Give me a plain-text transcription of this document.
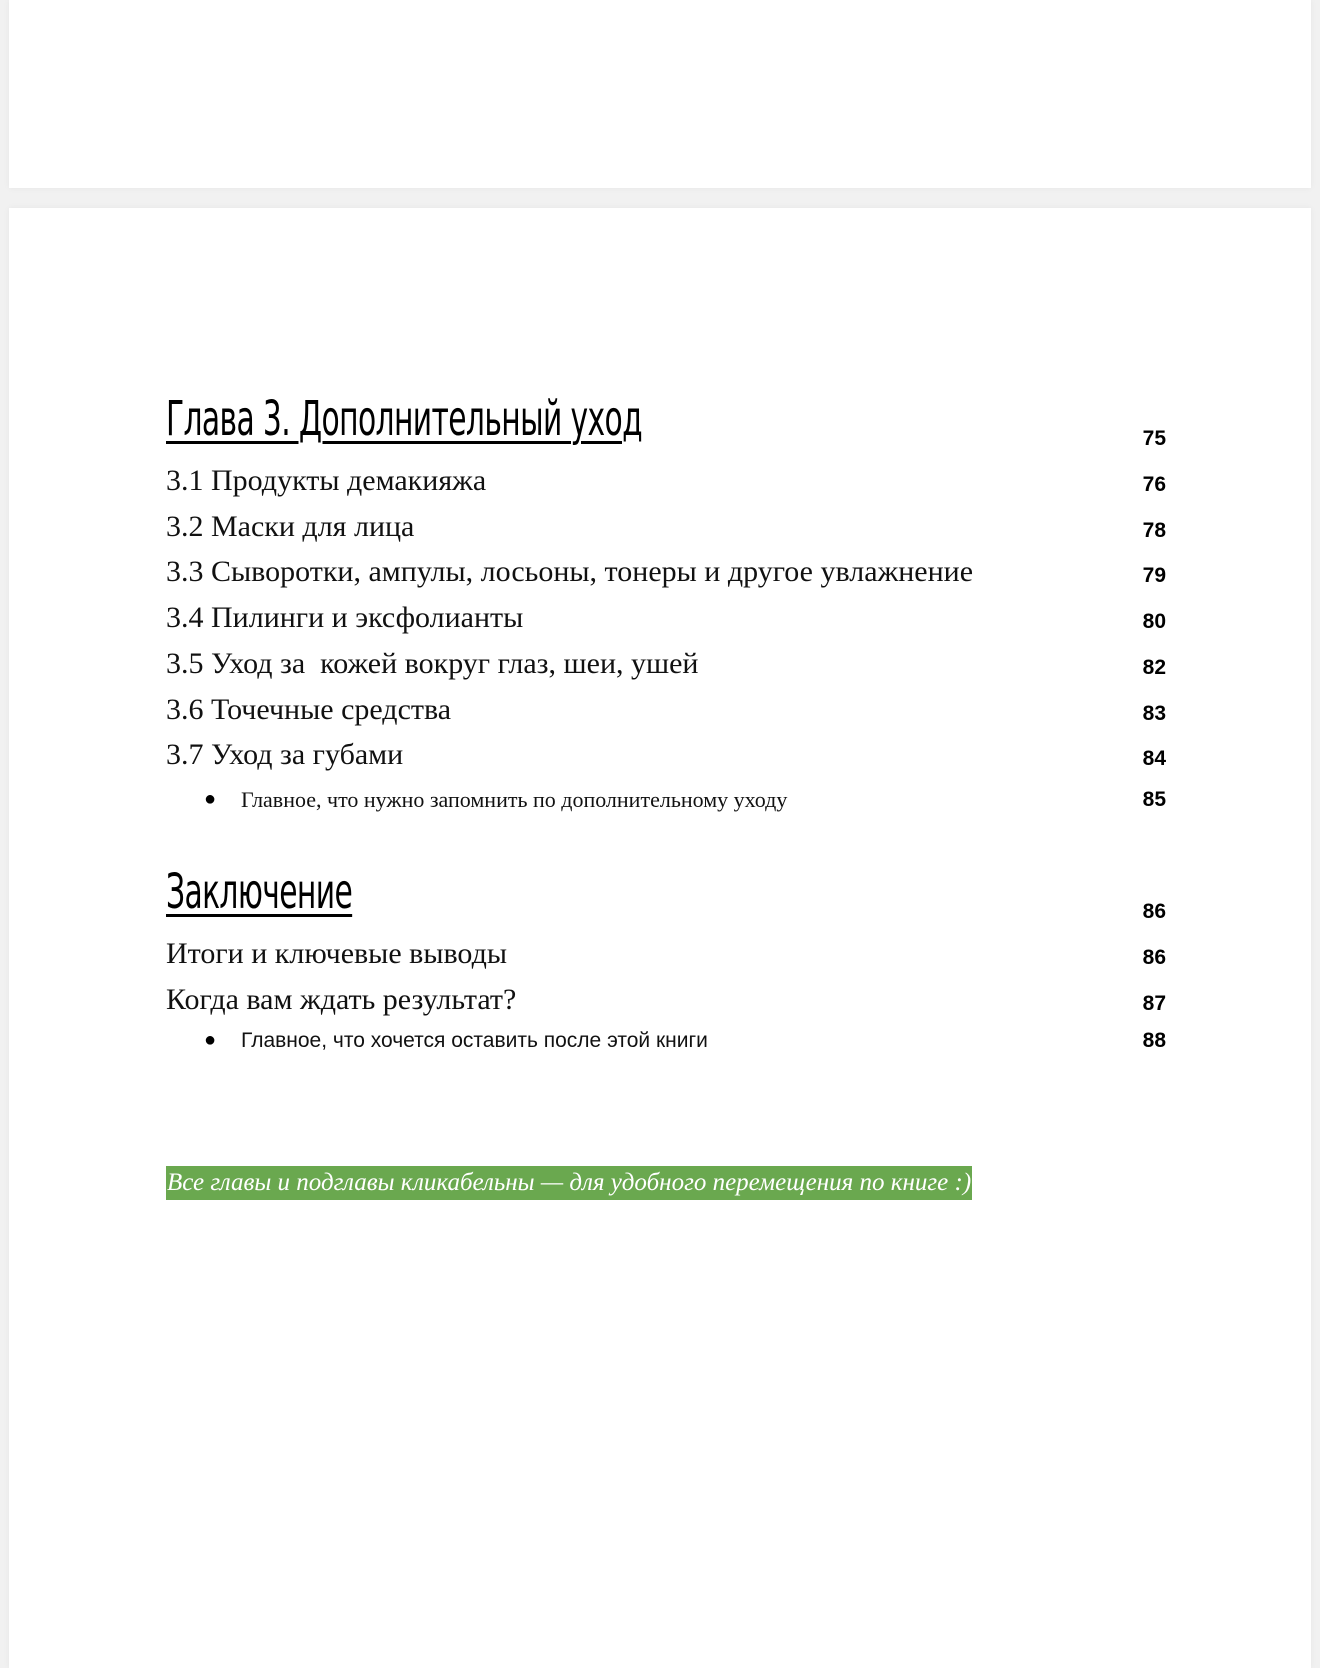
Глава 3. Дополнительный уход	75
3.1 Продукты демакияжа	76
3.2 Маски для лица	78
3.3 Сыворотки, ампулы, лосьоны, тонеры и другое увлажнение	79
3.4 Пилинги и эксфолианты	80
3.5 Уход за  кожей вокруг глаз, шеи, ушей	82
3.6 Точечные средства	83
3.7 Уход за губами	84
● Главное, что нужно запомнить по дополнительному уходу	85
Заключение	86
Итоги и ключевые выводы	86
Когда вам ждать результат?	87
● Главное, что хочется оставить после этой книги	88
Все главы и подглавы кликабельны — для удобного перемещения по книге :)
